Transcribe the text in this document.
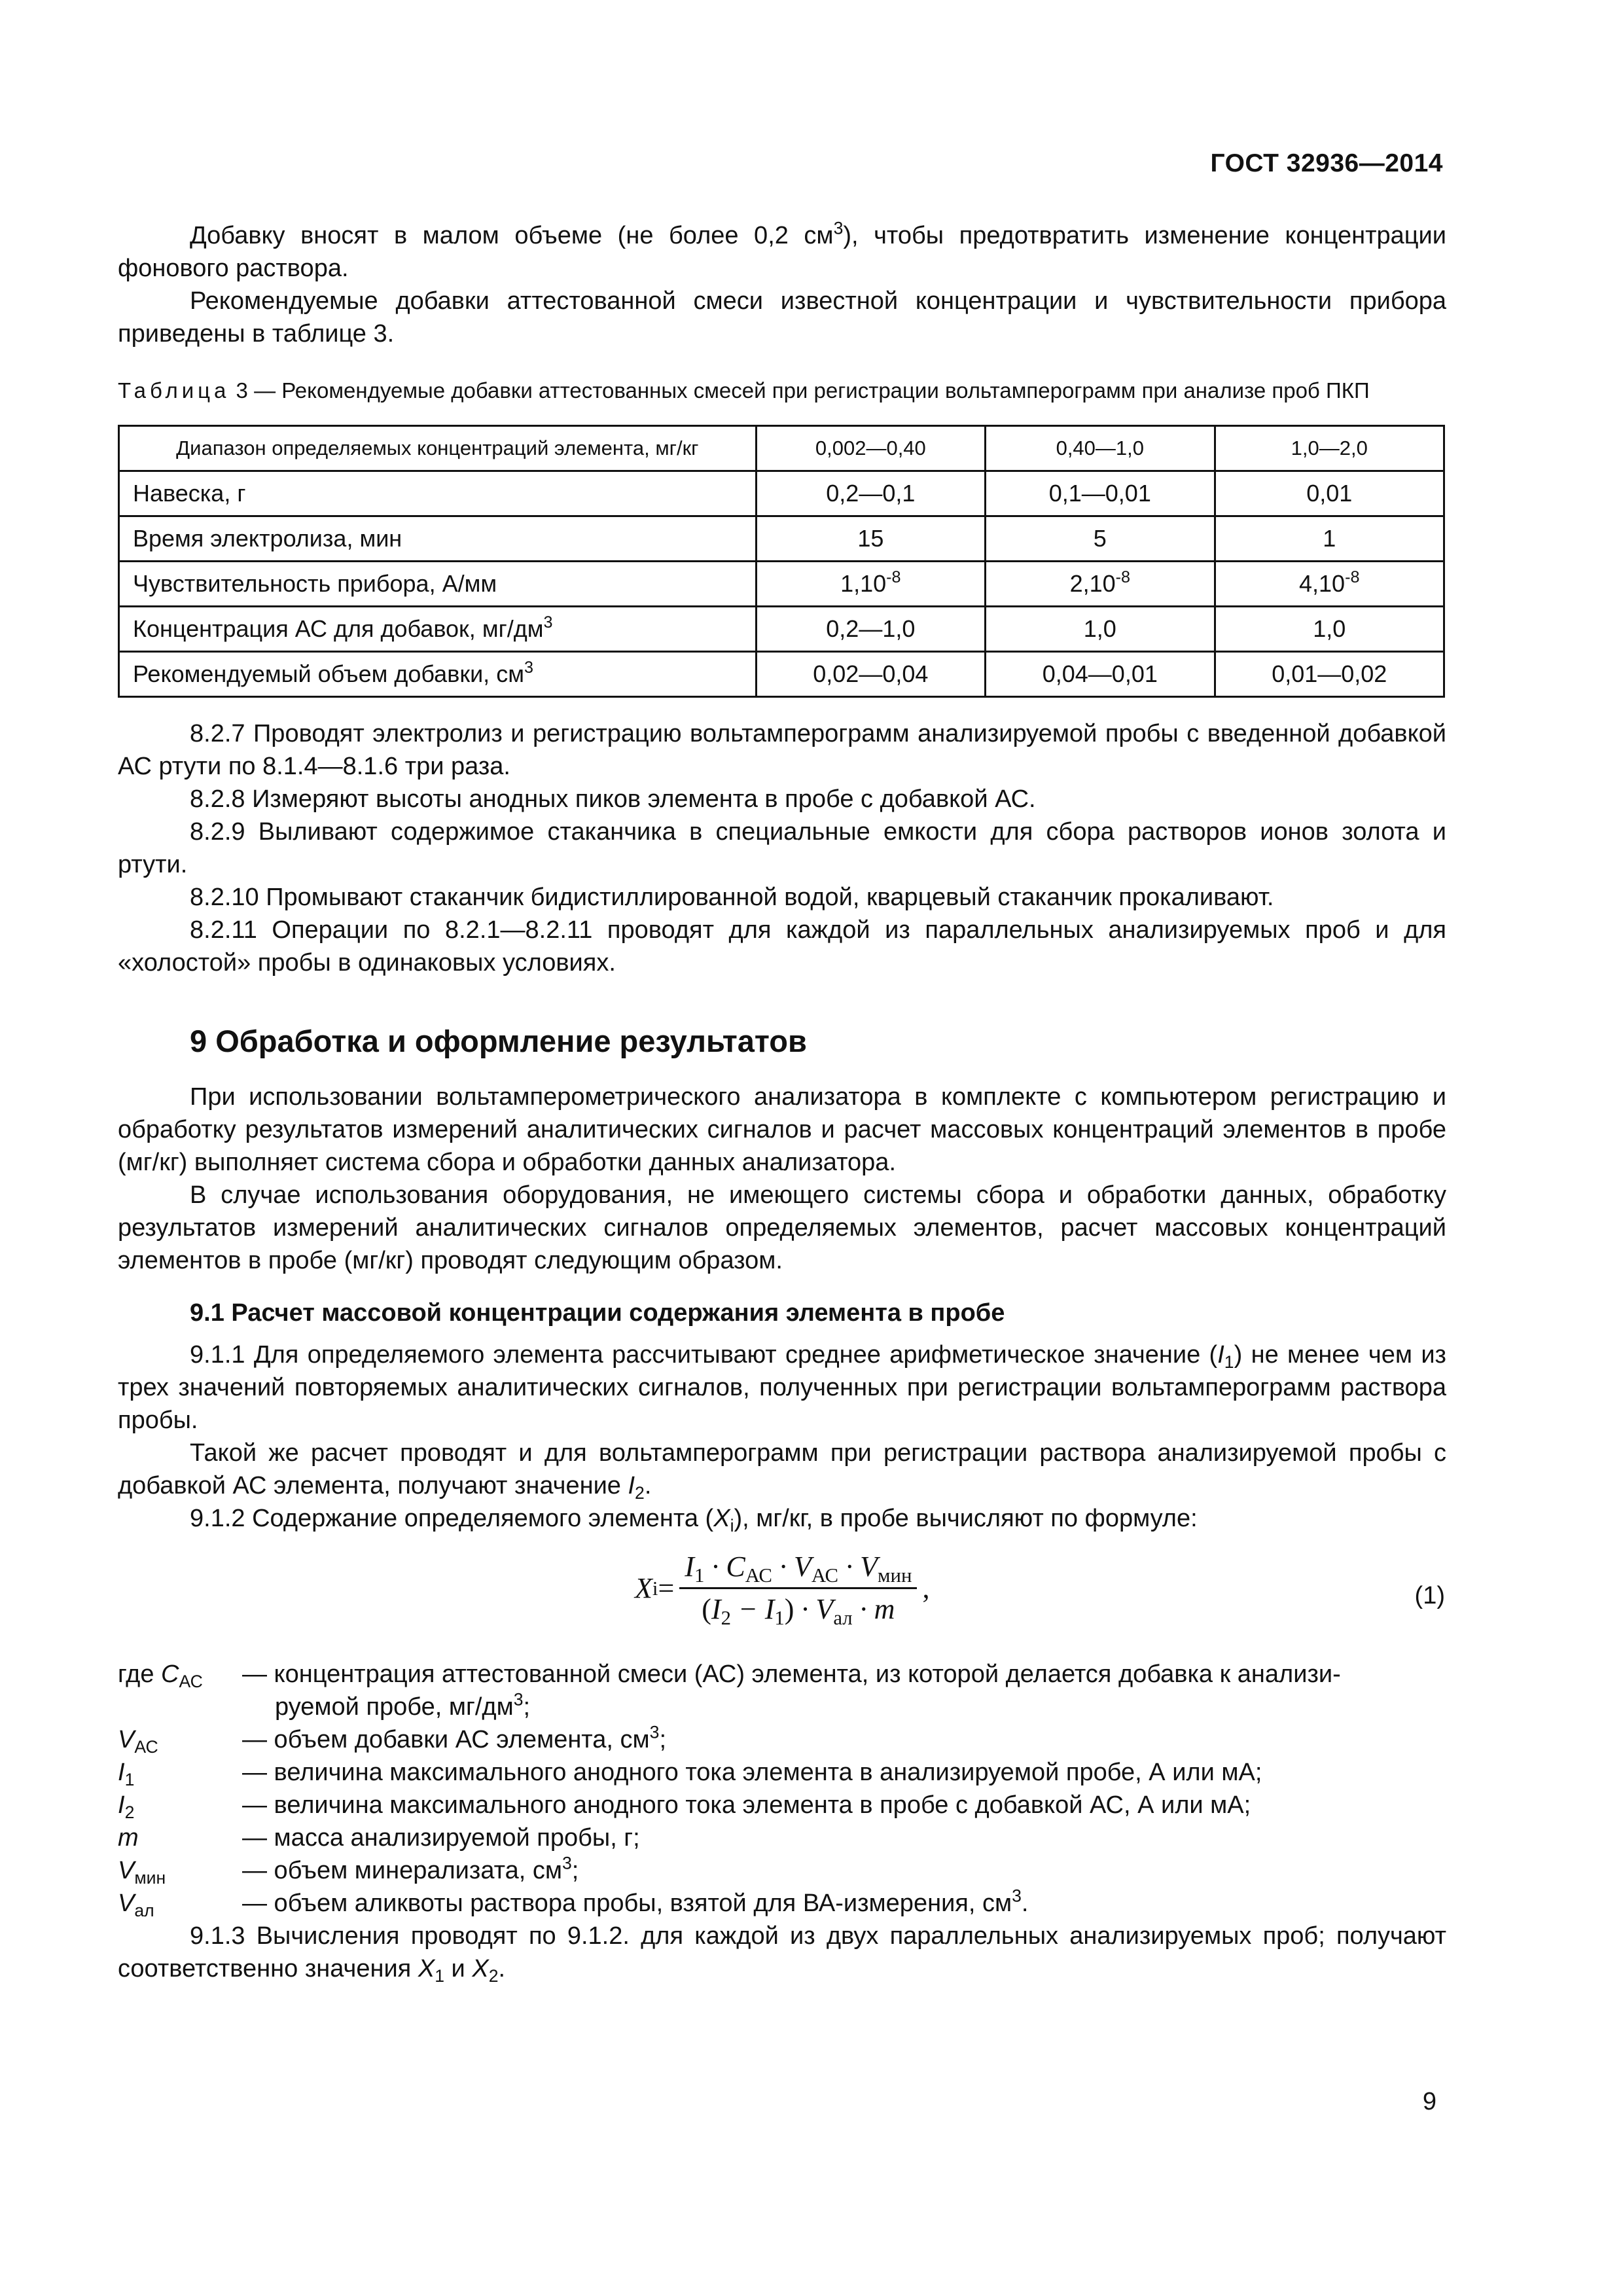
ГОСТ 32936—2014

Добавку вносят в малом объеме (не более 0,2 $см^3$), чтобы предотвратить изменение концентрации фонового раствора.

Рекомендуемые добавки аттестованной смеси известной концентрации и чувствительности прибора приведены в таблице 3.

Таблица 3 — Рекомендуемые добавки аттестованных смесей при регистрации вольтамперограмм при анализе проб ПКП
Диапазон определяемых концентраций элемента, мг/кг	0,002—0,40	0,40—1,0	1,0—2,0
Навеска, г	0,2—0,1	0,1—0,01	0,01
Время электролиза, мин	15	5	1
Чувствительность прибора, А/мм	$1,10^{-8}$	$2,10^{-8}$	$4,10^{-8}$
Концентрация АС для добавок, $мг/дм^3$	0,2—1,0	1,0	1,0
Рекомендуемый объем добавки, $см^3$	0,02—0,04	0,04—0,01	0,01—0,02

8.2.7 Проводят электролиз и регистрацию вольтамперограмм анализируемой пробы с введенной добавкой АС ртути по 8.1.4—8.1.6 три раза.

8.2.8 Измеряют высоты анодных пиков элемента в пробе с добавкой АС.

8.2.9 Выливают содержимое стаканчика в специальные емкости для сбора растворов ионов золота и ртути.

8.2.10 Промывают стаканчик бидистиллированной водой, кварцевый стаканчик прокаливают.

8.2.11 Операции по 8.2.1—8.2.11 проводят для каждой из параллельных анализируемых проб и для «холостой» пробы в одинаковых условиях.

9 Обработка и оформление результатов

При использовании вольтамперометрического анализатора в комплекте с компьютером регистрацию и обработку результатов измерений аналитических сигналов и расчет массовых концентраций элементов в пробе (мг/кг) выполняет система сбора и обработки данных анализатора.

В случае использования оборудования, не имеющего системы сбора и обработки данных, обработку результатов измерений аналитических сигналов определяемых элементов, расчет массовых концентраций элементов в пробе (мг/кг) проводят следующим образом.

9.1 Расчет массовой концентрации содержания элемента в пробе

9.1.1 Для определяемого элемента рассчитывают среднее арифметическое значение $(I_1)$ не менее чем из трех значений повторяемых аналитических сигналов, полученных при регистрации вольтамперограмм раствора пробы.

Такой же расчет проводят и для вольтамперограмм при регистрации раствора анализируемой пробы с добавкой АС элемента, получают значение $I_2$.

9.1.2 Содержание определяемого элемента $(X_i)$, мг/кг, в пробе вычисляют по формуле:

X $i = \frac{I_1 \cdot C_{АС} \cdot V_{АС} \cdot V_{мин}}{(I_2 - I_1) \cdot V_{ал} \cdot m}$ ,	(1)
где $C_{АС}$	— концентрация аттестованной смеси (АС) элемента, из которой делается добавка к анализи-
руемой пробе, $мг/дм^3$;
$V_{АС}$	— объем добавки АС элемента, $см^3$;
$I_1$	— величина максимального анодного тока элемента в анализируемой пробе, А или мА;
$I_2$	— величина максимального анодного тока элемента в пробе с добавкой АС, А или мА;
m	— масса анализируемой пробы, г;
$V_{мин}$	— объем минерализата, $см^3$;
$V_{ал}$	— объем аликвоты раствора пробы, взятой для ВА-измерения, $см^3$.

9.1.3 Вычисления проводят по 9.1.2. для каждой из двух параллельных анализируемых проб; получают соответственно значения $X_1$ и $X_2$.

9
